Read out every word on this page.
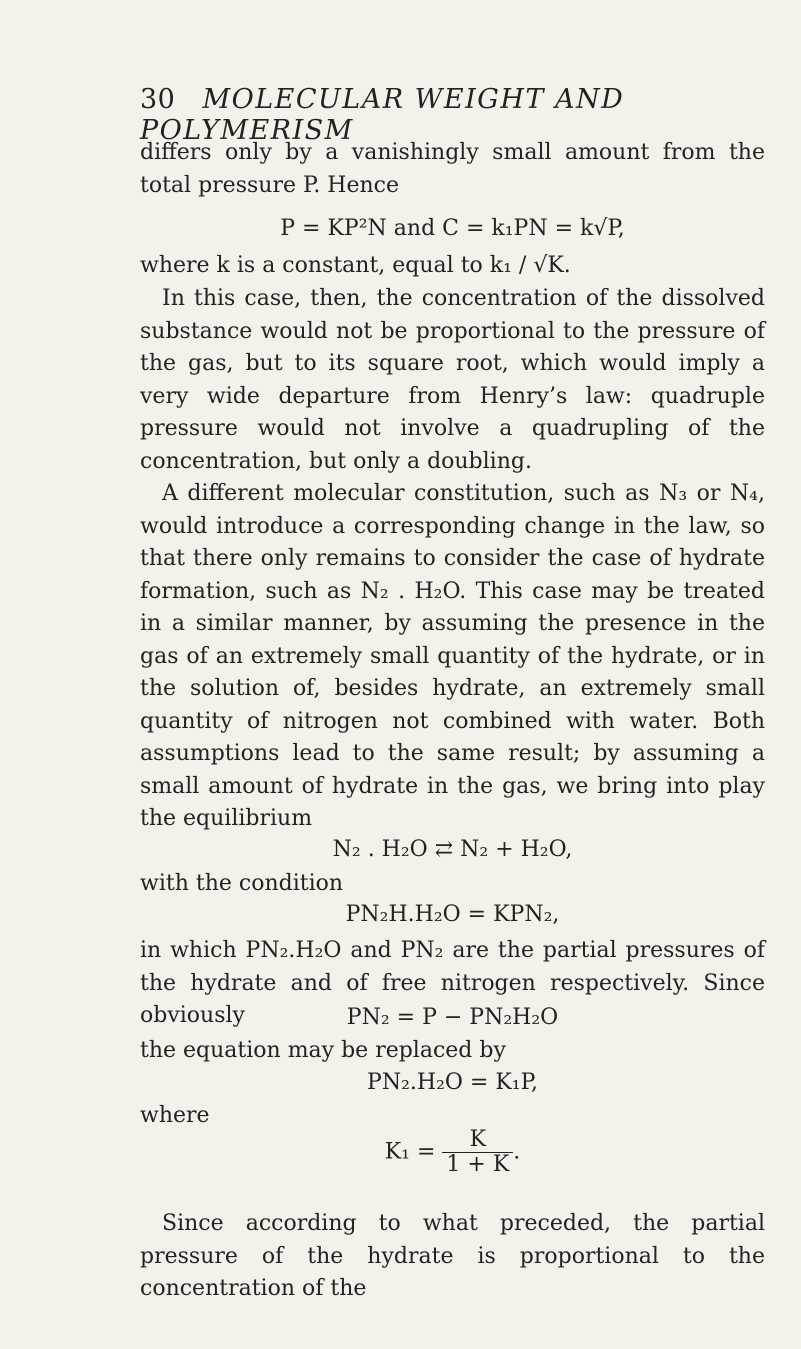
30 MOLECULAR WEIGHT AND POLYMERISM

differs only by a vanishingly small amount from the total pressure P. Hence

P = KP²N and C = k₁PN = k√P,

where k is a constant, equal to k₁ / √K.

In this case, then, the concentration of the dissolved substance would not be proportional to the pressure of the gas, but to its square root, which would imply a very wide departure from Henry’s law: quadruple pressure would not involve a quadrupling of the concentration, but only a doubling.

A different molecular constitution, such as N₃ or N₄, would introduce a corresponding change in the law, so that there only remains to consider the case of hydrate formation, such as N₂ . H₂O. This case may be treated in a similar manner, by assuming the presence in the gas of an extremely small quantity of the hydrate, or in the solution of, besides hydrate, an extremely small quantity of nitrogen not combined with water. Both assumptions lead to the same result; by assuming a small amount of hydrate in the gas, we bring into play the equilibrium

N₂ . H₂O ⇄ N₂ + H₂O,

with the condition

PN₂H.H₂O = KPN₂,

in which PN₂.H₂O and PN₂ are the partial pressures of the hydrate and of free nitrogen respectively. Since obviously	PN₂ = P − PN₂H₂O

the equation may be replaced by

PN₂.H₂O = K₁P,

where

$K_1 = \frac{K}{1 + K}$ .

Since according to what preceded, the partial pressure of the hydrate is proportional to the concentration of the
